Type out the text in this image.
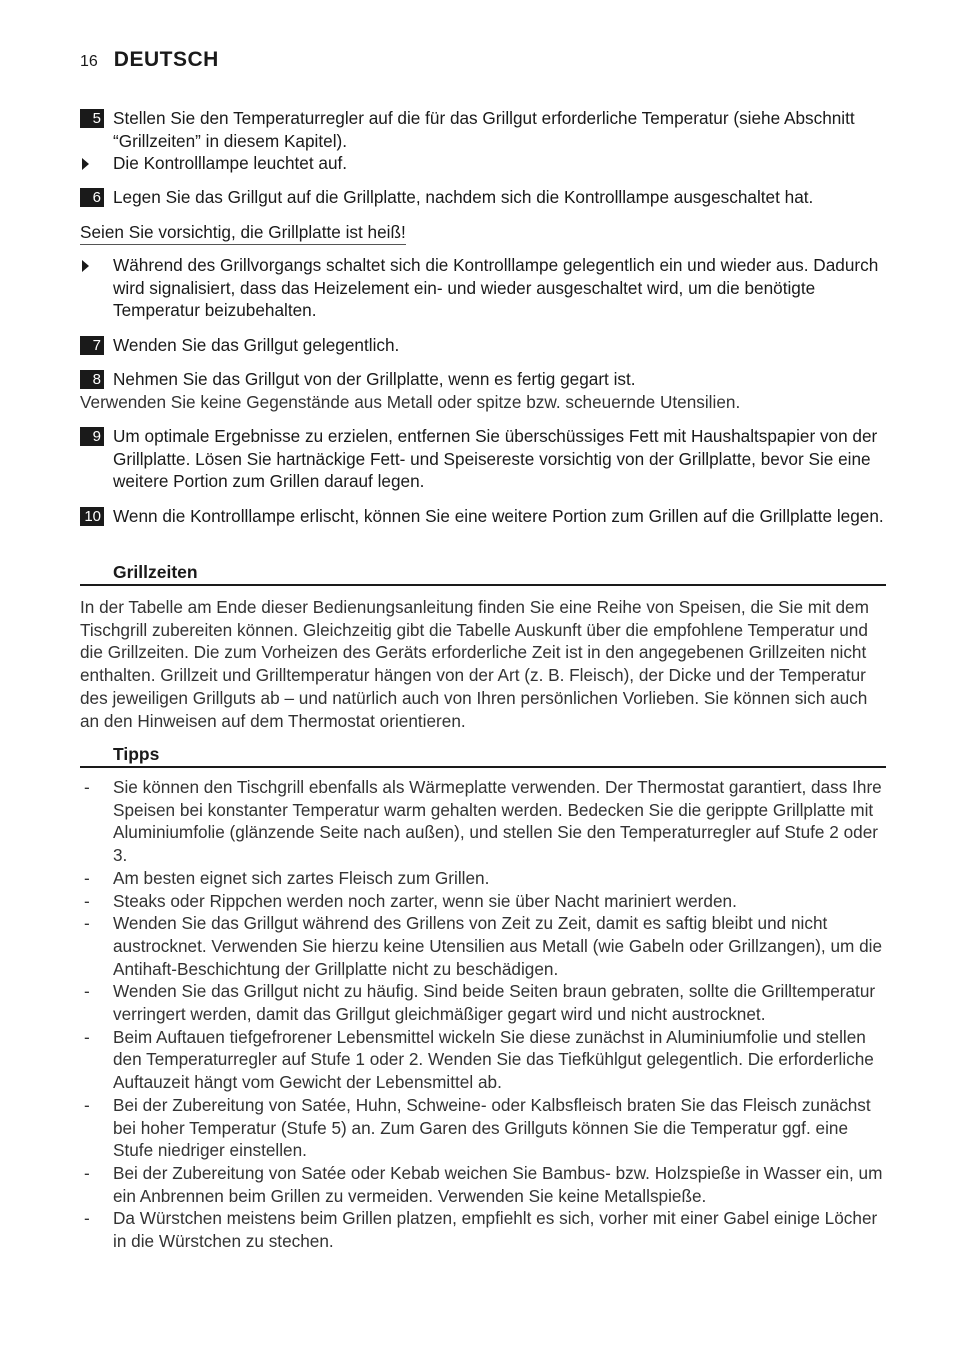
16 DEUTSCH
5 Stellen Sie den Temperaturregler auf die für das Grillgut erforderliche Temperatur (siehe Abschnitt “Grillzeiten” in diesem Kapitel).
Die Kontrolllampe leuchtet auf.
6 Legen Sie das Grillgut auf die Grillplatte, nachdem sich die Kontrolllampe ausgeschaltet hat.
Seien Sie vorsichtig, die Grillplatte ist heiß!
Während des Grillvorgangs schaltet sich die Kontrolllampe gelegentlich ein und wieder aus. Dadurch wird signalisiert, dass das Heizelement ein- und wieder ausgeschaltet wird, um die benötigte Temperatur beizubehalten.
7 Wenden Sie das Grillgut gelegentlich.
8 Nehmen Sie das Grillgut von der Grillplatte, wenn es fertig gegart ist.
Verwenden Sie keine Gegenstände aus Metall oder spitze bzw. scheuernde Utensilien.
9 Um optimale Ergebnisse zu erzielen, entfernen Sie überschüssiges Fett mit Haushaltspapier von der Grillplatte. Lösen Sie hartnäckige Fett- und Speisereste vorsichtig von der Grillplatte, bevor Sie eine weitere Portion zum Grillen darauf legen.
10 Wenn die Kontrolllampe erlischt, können Sie eine weitere Portion zum Grillen auf die Grillplatte legen.
Grillzeiten
In der Tabelle am Ende dieser Bedienungsanleitung finden Sie eine Reihe von Speisen, die Sie mit dem Tischgrill zubereiten können. Gleichzeitig gibt die Tabelle Auskunft über die empfohlene Temperatur und die Grillzeiten. Die zum Vorheizen des Geräts erforderliche Zeit ist in den angegebenen Grillzeiten nicht enthalten. Grillzeit und Grilltemperatur hängen von der Art (z. B. Fleisch), der Dicke und der Temperatur des jeweiligen Grillguts ab – und natürlich auch von Ihren persönlichen Vorlieben. Sie können sich auch an den Hinweisen auf dem Thermostat orientieren.
Tipps
-	Sie können den Tischgrill ebenfalls als Wärmeplatte verwenden. Der Thermostat garantiert, dass Ihre Speisen bei konstanter Temperatur warm gehalten werden. Bedecken Sie die gerippte Grillplatte mit Aluminiumfolie (glänzende Seite nach außen), und stellen Sie den Temperaturregler auf Stufe 2 oder 3.
-	Am besten eignet sich zartes Fleisch zum Grillen.
-	Steaks oder Rippchen werden noch zarter, wenn sie über Nacht mariniert werden.
-	Wenden Sie das Grillgut während des Grillens von Zeit zu Zeit, damit es saftig bleibt und nicht austrocknet. Verwenden Sie hierzu keine Utensilien aus Metall (wie Gabeln oder Grillzangen), um die Antihaft-Beschichtung der Grillplatte nicht zu beschädigen.
-	Wenden Sie das Grillgut nicht zu häufig. Sind beide Seiten braun gebraten, sollte die Grilltemperatur verringert werden, damit das Grillgut gleichmäßiger gegart wird und nicht austrocknet.
-	Beim Auftauen tiefgefrorener Lebensmittel wickeln Sie diese zunächst in Aluminiumfolie und stellen den Temperaturregler auf Stufe 1 oder 2. Wenden Sie das Tiefkühlgut gelegentlich. Die erforderliche Auftauzeit hängt vom Gewicht der Lebensmittel ab.
-	Bei der Zubereitung von Satée, Huhn, Schweine- oder Kalbsfleisch braten Sie das Fleisch zunächst bei hoher Temperatur (Stufe 5) an. Zum Garen des Grillguts können Sie die Temperatur ggf. eine Stufe niedriger einstellen.
-	Bei der Zubereitung von Satée oder Kebab weichen Sie Bambus- bzw. Holzspieße in Wasser ein, um ein Anbrennen beim Grillen zu vermeiden. Verwenden Sie keine Metallspieße.
-	Da Würstchen meistens beim Grillen platzen, empfiehlt es sich, vorher mit einer Gabel einige Löcher in die Würstchen zu stechen.
